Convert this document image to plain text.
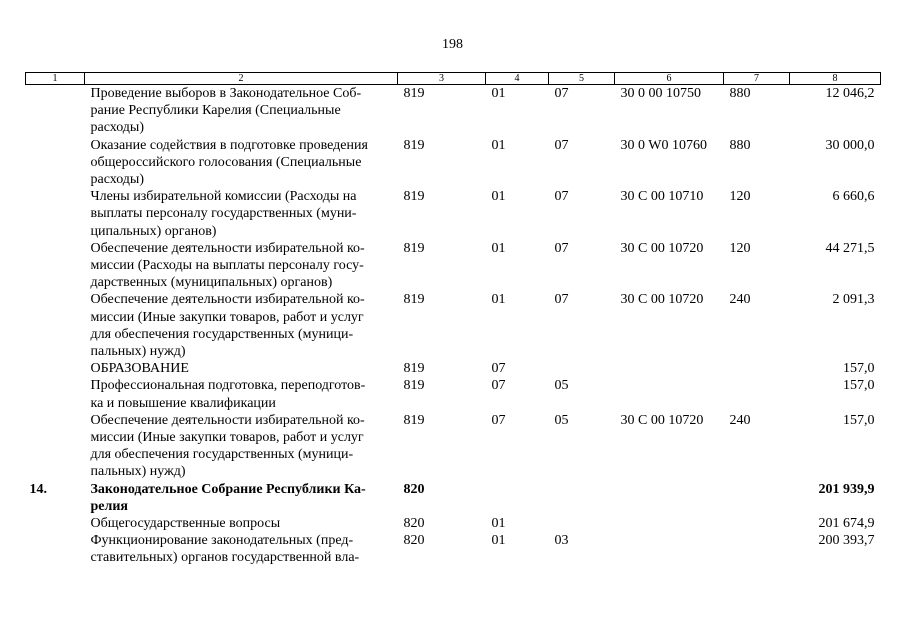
198
1	2	3	4	5	6	7	8

	Проведение выборов в Законодательное Соб-
рание Республики Карелия (Специальные
расходы)	819	01	07	30 0 00 10750	880	12 046,2

	Оказание содействия в подготовке проведения
общероссийского голосования (Специальные
расходы)	819	01	07	30 0 W0 10760	880	30 000,0

	Члены избирательной комиссии (Расходы на
выплаты персоналу государственных (муни-
ципальных) органов)	819	01	07	30 С 00 10710	120	6 660,6

	Обеспечение деятельности избирательной ко-
миссии (Расходы на выплаты персоналу госу-
дарственных (муниципальных) органов)	819	01	07	30 С 00 10720	120	44 271,5

	Обеспечение деятельности избирательной ко-
миссии (Иные закупки товаров, работ и услуг
для обеспечения государственных (муници-
пальных) нужд)	819	01	07	30 С 00 10720	240	2 091,3

	ОБРАЗОВАНИЕ	819	07				157,0

	Профессиональная подготовка, переподготов-
ка и повышение квалификации	819	07	05			157,0

	Обеспечение деятельности избирательной ко-
миссии (Иные закупки товаров, работ и услуг
для обеспечения государственных (муници-
пальных) нужд)	819	07	05	30 С 00 10720	240	157,0
14.	Законодательное Собрание Республики Ка-
релия	820					201 939,9

	Общегосударственные вопросы	820	01				201 674,9

	Функционирование законодательных (пред-
ставительных) органов государственной вла-	820	01	03			200 393,7
